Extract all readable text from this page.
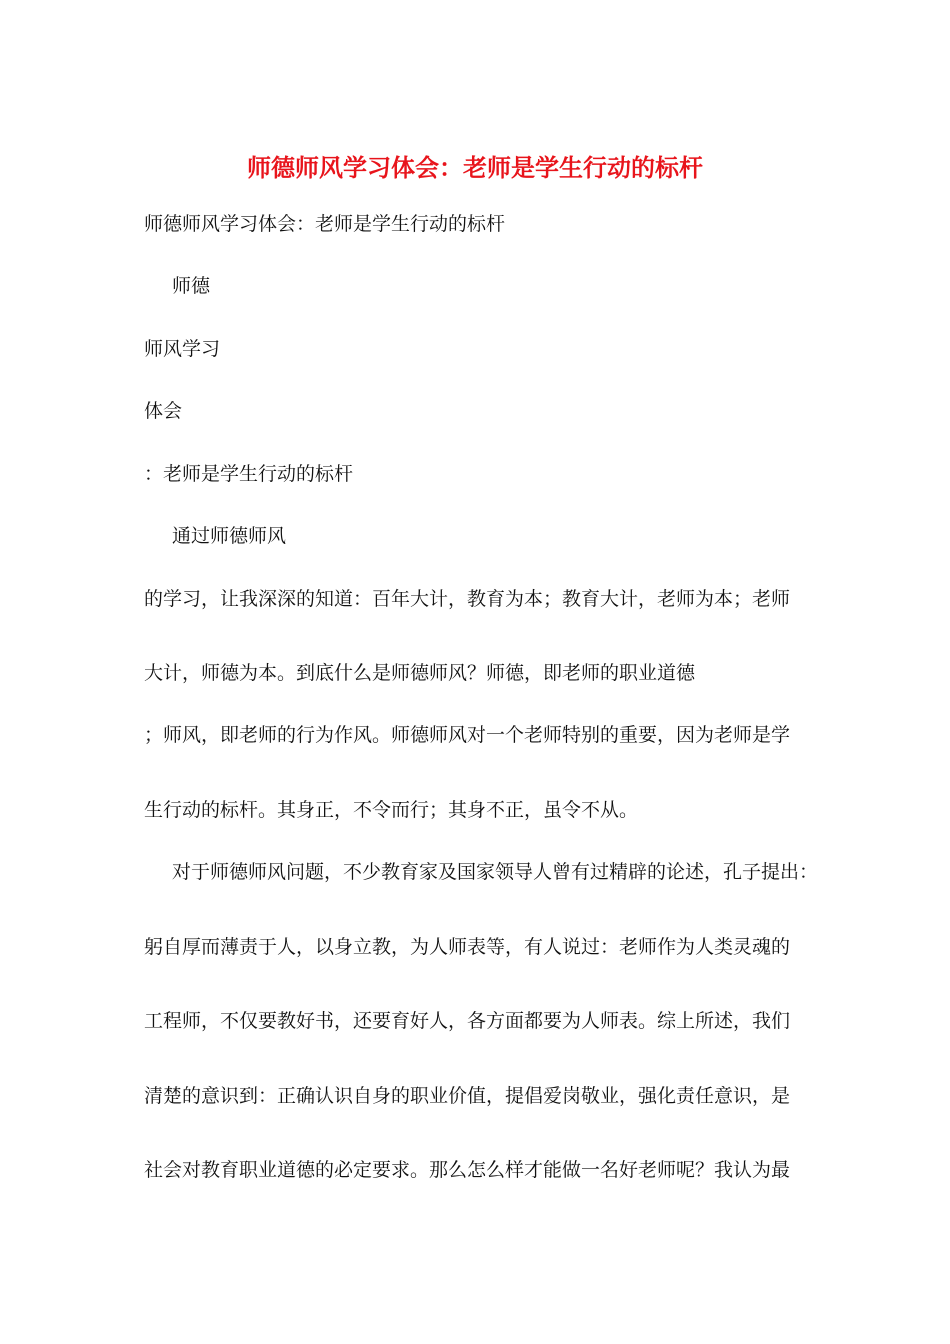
师德师风学习体会：老师是学生行动的标杆
师德师风学习体会：老师是学生行动的标杆
师德
师风学习
体会
：老师是学生行动的标杆
通过师德师风
的学习，让我深深的知道：百年大计，教育为本；教育大计，老师为本；老师
大计，师德为本。到底什么是师德师风？师德，即老师的职业道德
；师风，即老师的行为作风。师德师风对一个老师特别的重要，因为老师是学
生行动的标杆。其身正，不令而行；其身不正，虽令不从。
对于师德师风问题，不少教育家及国家领导人曾有过精辟的论述，孔子提出：
躬自厚而薄责于人，以身立教，为人师表等，有人说过：老师作为人类灵魂的
工程师，不仅要教好书，还要育好人，各方面都要为人师表。综上所述，我们
清楚的意识到：正确认识自身的职业价值，提倡爱岗敬业，强化责任意识，是
社会对教育职业道德的必定要求。那么怎么样才能做一名好老师呢？我认为最
